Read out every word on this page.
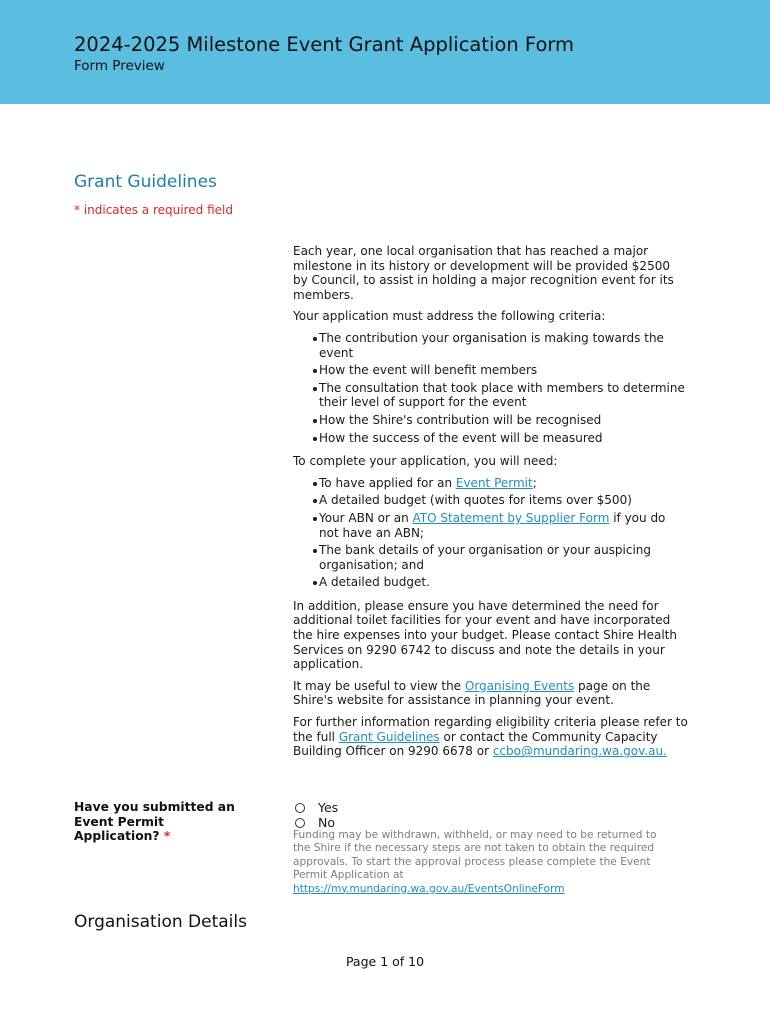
2024-2025 Milestone Event Grant Application Form
Form Preview
Grant Guidelines
* indicates a required field

Each year, one local organisation that has reached a major milestone in its history or development will be provided $2500 by Council, to assist in holding a major recognition event for its members.

Your application must address the following criteria:

The contribution your organisation is making towards the event
How the event will benefit members
The consultation that took place with members to determine their level of support for the event
How the Shire's contribution will be recognised
How the success of the event will be measured

To complete your application, you will need:

To have applied for an Event Permit;
A detailed budget (with quotes for items over $500)
Your ABN or an ATO Statement by Supplier Form if you do not have an ABN;
The bank details of your organisation or your auspicing organisation; and
A detailed budget.

In addition, please ensure you have determined the need for additional toilet facilities for your event and have incorporated the hire expenses into your budget. Please contact Shire Health Services on 9290 6742 to discuss and note the details in your application.

It may be useful to view the Organising Events page on the Shire's website for assistance in planning your event.

For further information regarding eligibility criteria please refer to the full Grant Guidelines or contact the Community Capacity Building Officer on 9290 6678 or ccbo@mundaring.wa.gov.au.

Have you submitted an Event Permit Application? *
Yes
No
Funding may be withdrawn, withheld, or may need to be returned to the Shire if the necessary steps are not taken to obtain the required approvals. To start the approval process please complete the Event Permit Application at https://my.mundaring.wa.gov.au/EventsOnlineForm
Organisation Details
Page 1 of 10
